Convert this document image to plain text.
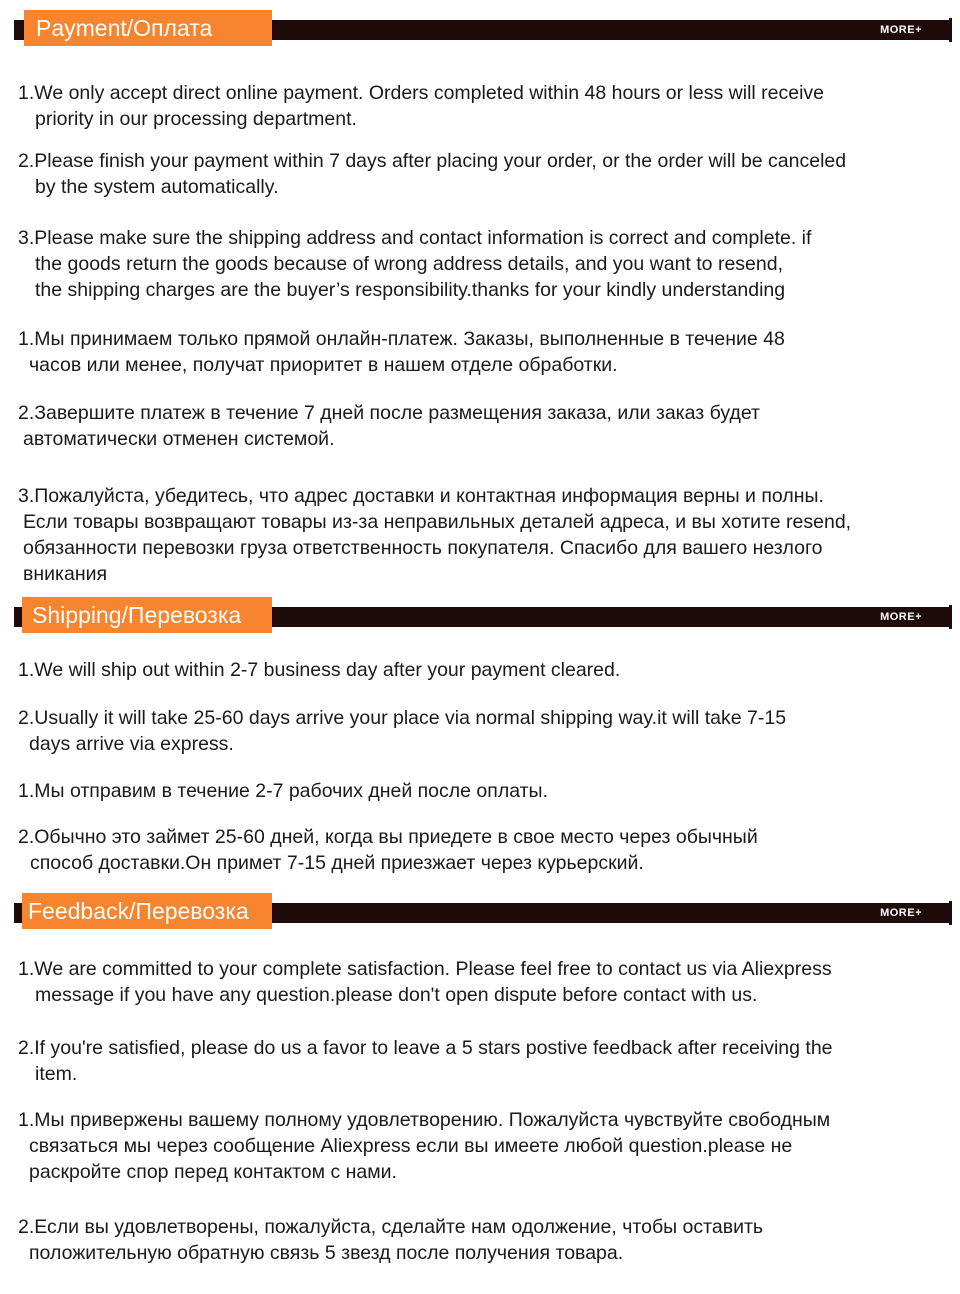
Payment/Оплата	MORE+
1.We only accept direct online payment. Orders completed within 48 hours or less will receive
priority in our processing department.
2.Please finish your payment within 7 days after placing your order, or the order will be canceled
by the system automatically.
3.Please make sure the shipping address and contact information is correct and complete. if
the goods return the goods because of wrong address details, and you want to resend,
the shipping charges are the buyer’s responsibility.thanks for your kindly understanding
1.Мы принимаем только прямой онлайн-платеж. Заказы, выполненные в течение 48
часов или менее, получат приоритет в нашем отделе обработки.
2.Завершите платеж в течение 7 дней после размещения заказа, или заказ будет
автоматически отменен системой.
3.Пожалуйста, убедитесь, что адрес доставки и контактная информация верны и полны.
Если товары возвращают товары из-за неправильных деталей адреса, и вы хотите resend,
обязанности перевозки груза ответственность покупателя. Спасибо для вашего незлого
вникания
Shipping/Перевозка	MORE+
1.We will ship out within 2-7 business day after your payment cleared.
2.Usually it will take 25-60 days arrive your place via normal shipping way.it will take 7-15
days arrive via express.
1.Мы отправим в течение 2-7 рабочих дней после оплаты.
2.Обычно это займет 25-60 дней, когда вы приедете в свое место через обычный
способ доставки.Он примет 7-15 дней приезжает через курьерский.
Feedback/Перевозка	MORE+
1.We are committed to your complete satisfaction. Please feel free to contact us via Aliexpress
message if you have any question.please don't open dispute before contact with us.
2.If you're satisfied, please do us a favor to leave a 5 stars postive feedback after receiving the
item.
1.Мы привержены вашему полному удовлетворению. Пожалуйста чувствуйте свободным
связаться мы через сообщение Aliexpress если вы имеете любой question.please не
раскройте спор перед контактом с нами.
2.Если вы удовлетворены, пожалуйста, сделайте нам одолжение, чтобы оставить
положительную обратную связь 5 звезд после получения товара.
